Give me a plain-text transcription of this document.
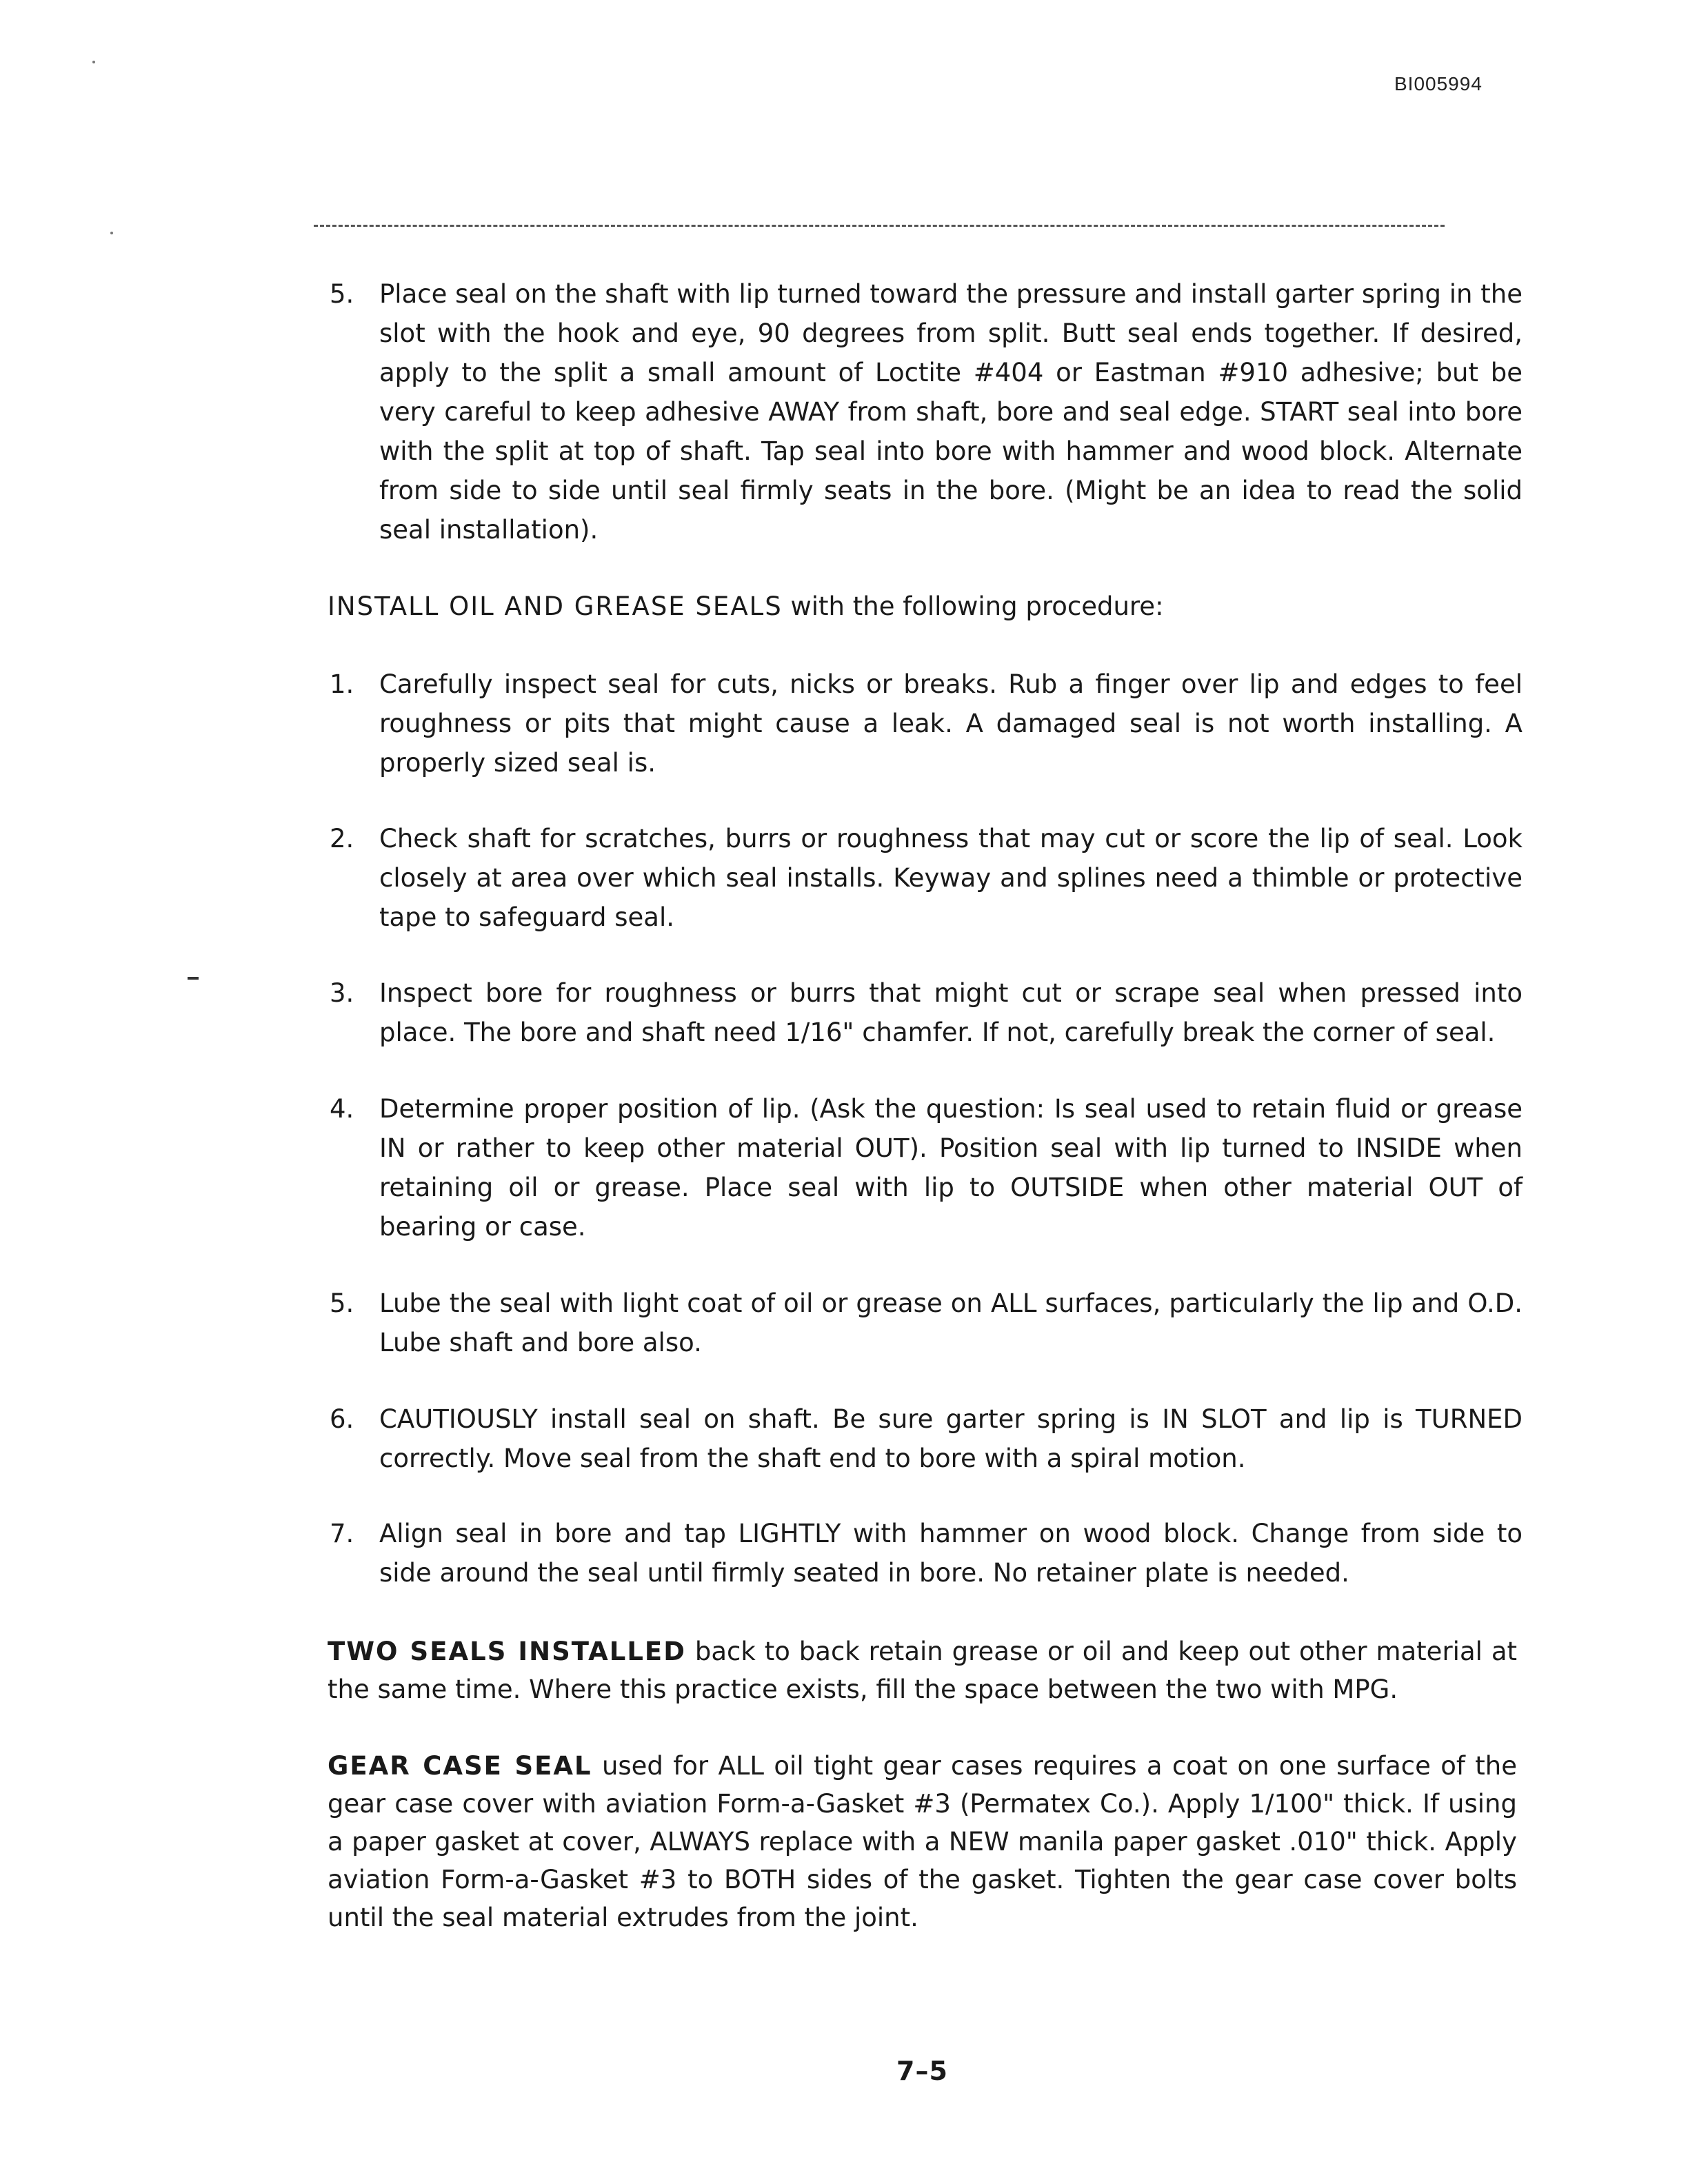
BI005994
5. Place seal on the shaft with lip turned toward the pressure and install garter spring in the slot with the hook and eye, 90 degrees from split. Butt seal ends together. If desired, apply to the split a small amount of Loctite #404 or Eastman #910 adhesive; but be very careful to keep adhesive AWAY from shaft, bore and seal edge. START seal into bore with the split at top of shaft. Tap seal into bore with hammer and wood block. Alternate from side to side until seal firmly seats in the bore. (Might be an idea to read the solid seal installation).
INSTALL OIL AND GREASE SEALS with the following procedure:
1. Carefully inspect seal for cuts, nicks or breaks. Rub a finger over lip and edges to feel roughness or pits that might cause a leak. A damaged seal is not worth installing. A properly sized seal is.
2. Check shaft for scratches, burrs or roughness that may cut or score the lip of seal. Look closely at area over which seal installs. Keyway and splines need a thimble or protective tape to safeguard seal.
3. Inspect bore for roughness or burrs that might cut or scrape seal when pressed into place. The bore and shaft need 1/16" chamfer. If not, carefully break the corner of seal.
4. Determine proper position of lip. (Ask the question: Is seal used to retain fluid or grease IN or rather to keep other material OUT). Position seal with lip turned to INSIDE when retaining oil or grease. Place seal with lip to OUTSIDE when other material OUT of bearing or case.
5. Lube the seal with light coat of oil or grease on ALL surfaces, particularly the lip and O.D. Lube shaft and bore also.
6. CAUTIOUSLY install seal on shaft. Be sure garter spring is IN SLOT and lip is TURNED correctly. Move seal from the shaft end to bore with a spiral motion.
7. Align seal in bore and tap LIGHTLY with hammer on wood block. Change from side to side around the seal until firmly seated in bore. No retainer plate is needed.
TWO SEALS INSTALLED back to back retain grease or oil and keep out other material at the same time. Where this practice exists, fill the space between the two with MPG.
GEAR CASE SEAL used for ALL oil tight gear cases requires a coat on one surface of the gear case cover with aviation Form-a-Gasket #3 (Permatex Co.). Apply 1/100" thick. If using a paper gasket at cover, ALWAYS replace with a NEW manila paper gasket .010" thick. Apply aviation Form-a-Gasket #3 to BOTH sides of the gasket. Tighten the gear case cover bolts until the seal material extrudes from the joint.
7–5
